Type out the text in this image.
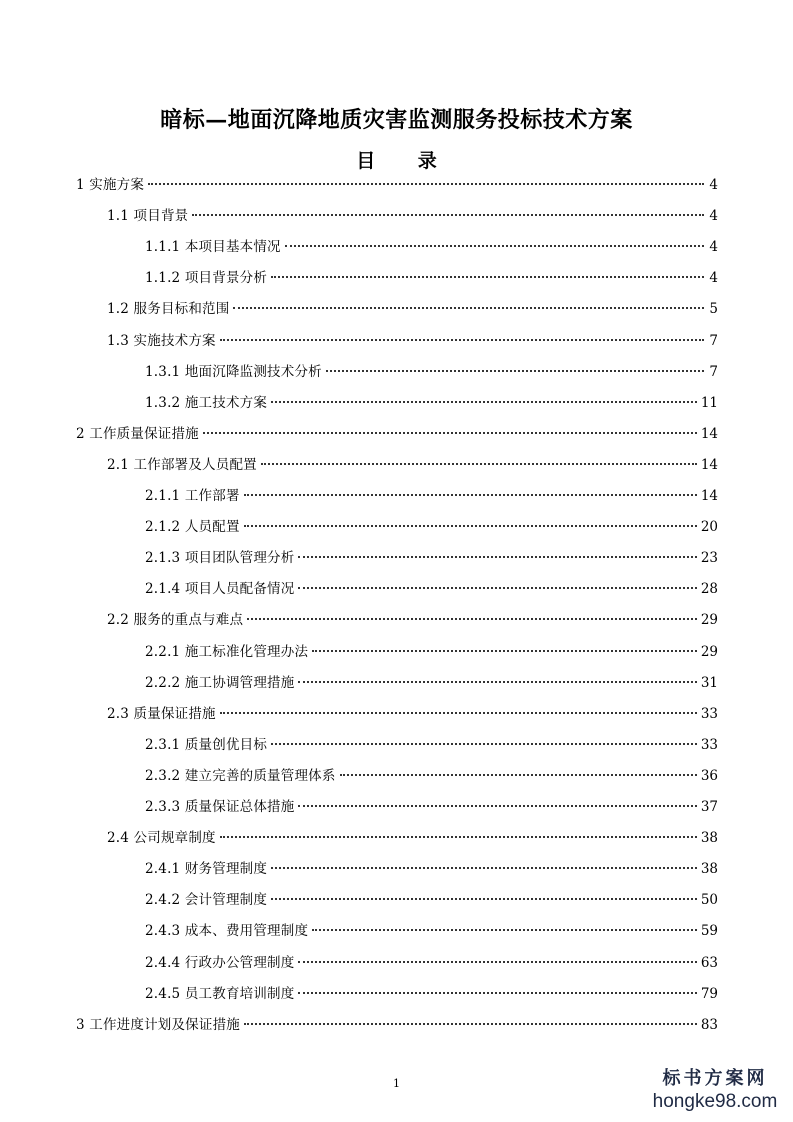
暗标—地面沉降地质灾害监测服务投标技术方案
目 录
1 实施方案	4
1.1 项目背景	4
1.1.1 本项目基本情况	4
1.1.2 项目背景分析	4
1.2 服务目标和范围	5
1.3 实施技术方案	7
1.3.1 地面沉降监测技术分析	7
1.3.2 施工技术方案	11
2 工作质量保证措施	14
2.1 工作部署及人员配置	14
2.1.1 工作部署	14
2.1.2 人员配置	20
2.1.3 项目团队管理分析	23
2.1.4 项目人员配备情况	28
2.2 服务的重点与难点	29
2.2.1 施工标准化管理办法	29
2.2.2 施工协调管理措施	31
2.3 质量保证措施	33
2.3.1 质量创优目标	33
2.3.2 建立完善的质量管理体系	36
2.3.3 质量保证总体措施	37
2.4 公司规章制度	38
2.4.1 财务管理制度	38
2.4.2 会计管理制度	50
2.4.3 成本、费用管理制度	59
2.4.4 行政办公管理制度	63
2.4.5 员工教育培训制度	79
3 工作进度计划及保证措施	83
1	标书方案网
hongke98.com
